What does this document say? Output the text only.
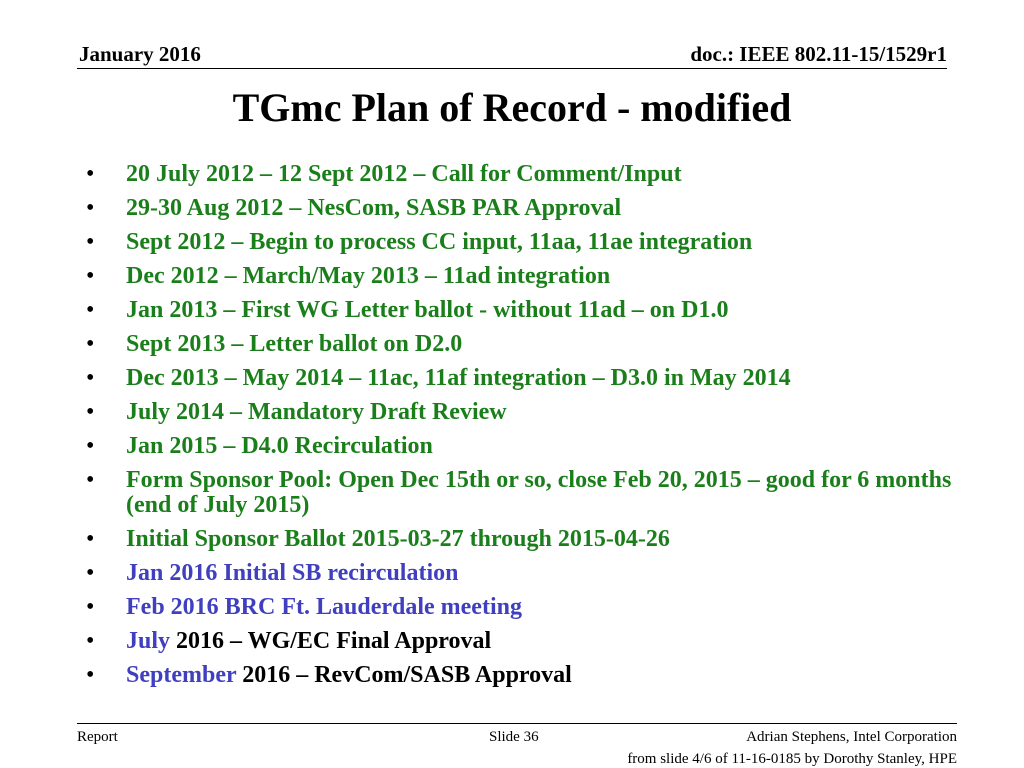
January 2016	doc.: IEEE 802.11-15/1529r1
TGmc Plan of Record - modified
• 20 July 2012 – 12 Sept 2012 – Call for Comment/Input
• 29-30 Aug 2012 – NesCom, SASB PAR Approval
• Sept 2012 – Begin to process CC input, 11aa, 11ae integration
• Dec 2012 – March/May 2013 – 11ad integration
• Jan 2013 – First WG Letter ballot - without 11ad – on D1.0
• Sept 2013 – Letter ballot on D2.0
• Dec 2013 – May 2014 – 11ac, 11af integration – D3.0 in May 2014
• July 2014 – Mandatory Draft Review
• Jan 2015 – D4.0 Recirculation
• Form Sponsor Pool: Open Dec 15th or so, close Feb 20, 2015 – good for 6 months (end of July 2015)
• Initial Sponsor Ballot 2015-03-27 through 2015-04-26
• Jan 2016 Initial SB recirculation
• Feb 2016 BRC Ft. Lauderdale meeting
• July 2016 – WG/EC Final Approval
• September 2016 – RevCom/SASB Approval
Report	Slide 36	Adrian Stephens, Intel Corporation
from slide 4/6 of 11-16-0185 by Dorothy Stanley, HPE
